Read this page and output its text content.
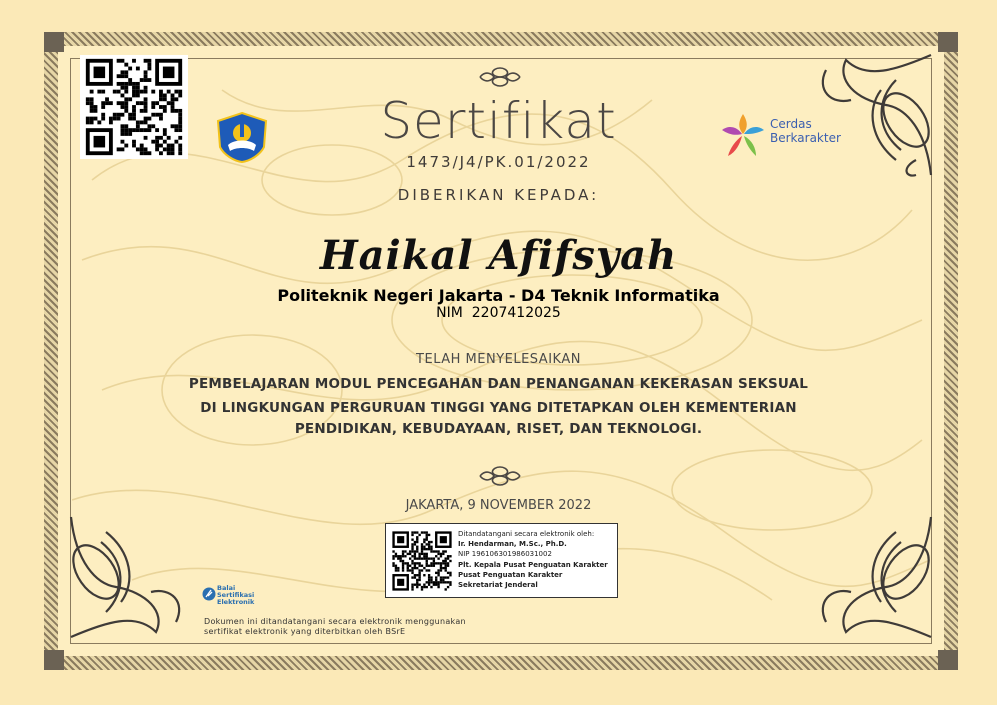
Cerdas
Berkarakter
Sertifikat
1473/J4/PK.01/2022
DIBERIKAN KEPADA:
Haikal Afifsyah
Politeknik Negeri Jakarta - D4 Teknik Informatika
NIM 2207412025
TELAH MENYELESAIKAN
PEMBELAJARAN MODUL PENCEGAHAN DAN PENANGANAN KEKERASAN SEKSUAL
DI LINGKUNGAN PERGURUAN TINGGI YANG DITETAPKAN OLEH KEMENTERIAN
PENDIDIKAN, KEBUDAYAAN, RISET, DAN TEKNOLOGI.
JAKARTA, 9 NOVEMBER 2022
Ditandatangani secara elektronik oleh:
Ir. Hendarman, M.Sc., Ph.D.
NIP 196106301986031002
Plt. Kepala Pusat Penguatan Karakter
Pusat Penguatan Karakter
Sekretariat Jenderal
Balai
Sertifikasi
Elektronik
Dokumen ini ditandatangani secara elektronik menggunakan
sertifikat elektronik yang diterbitkan oleh BSrE
